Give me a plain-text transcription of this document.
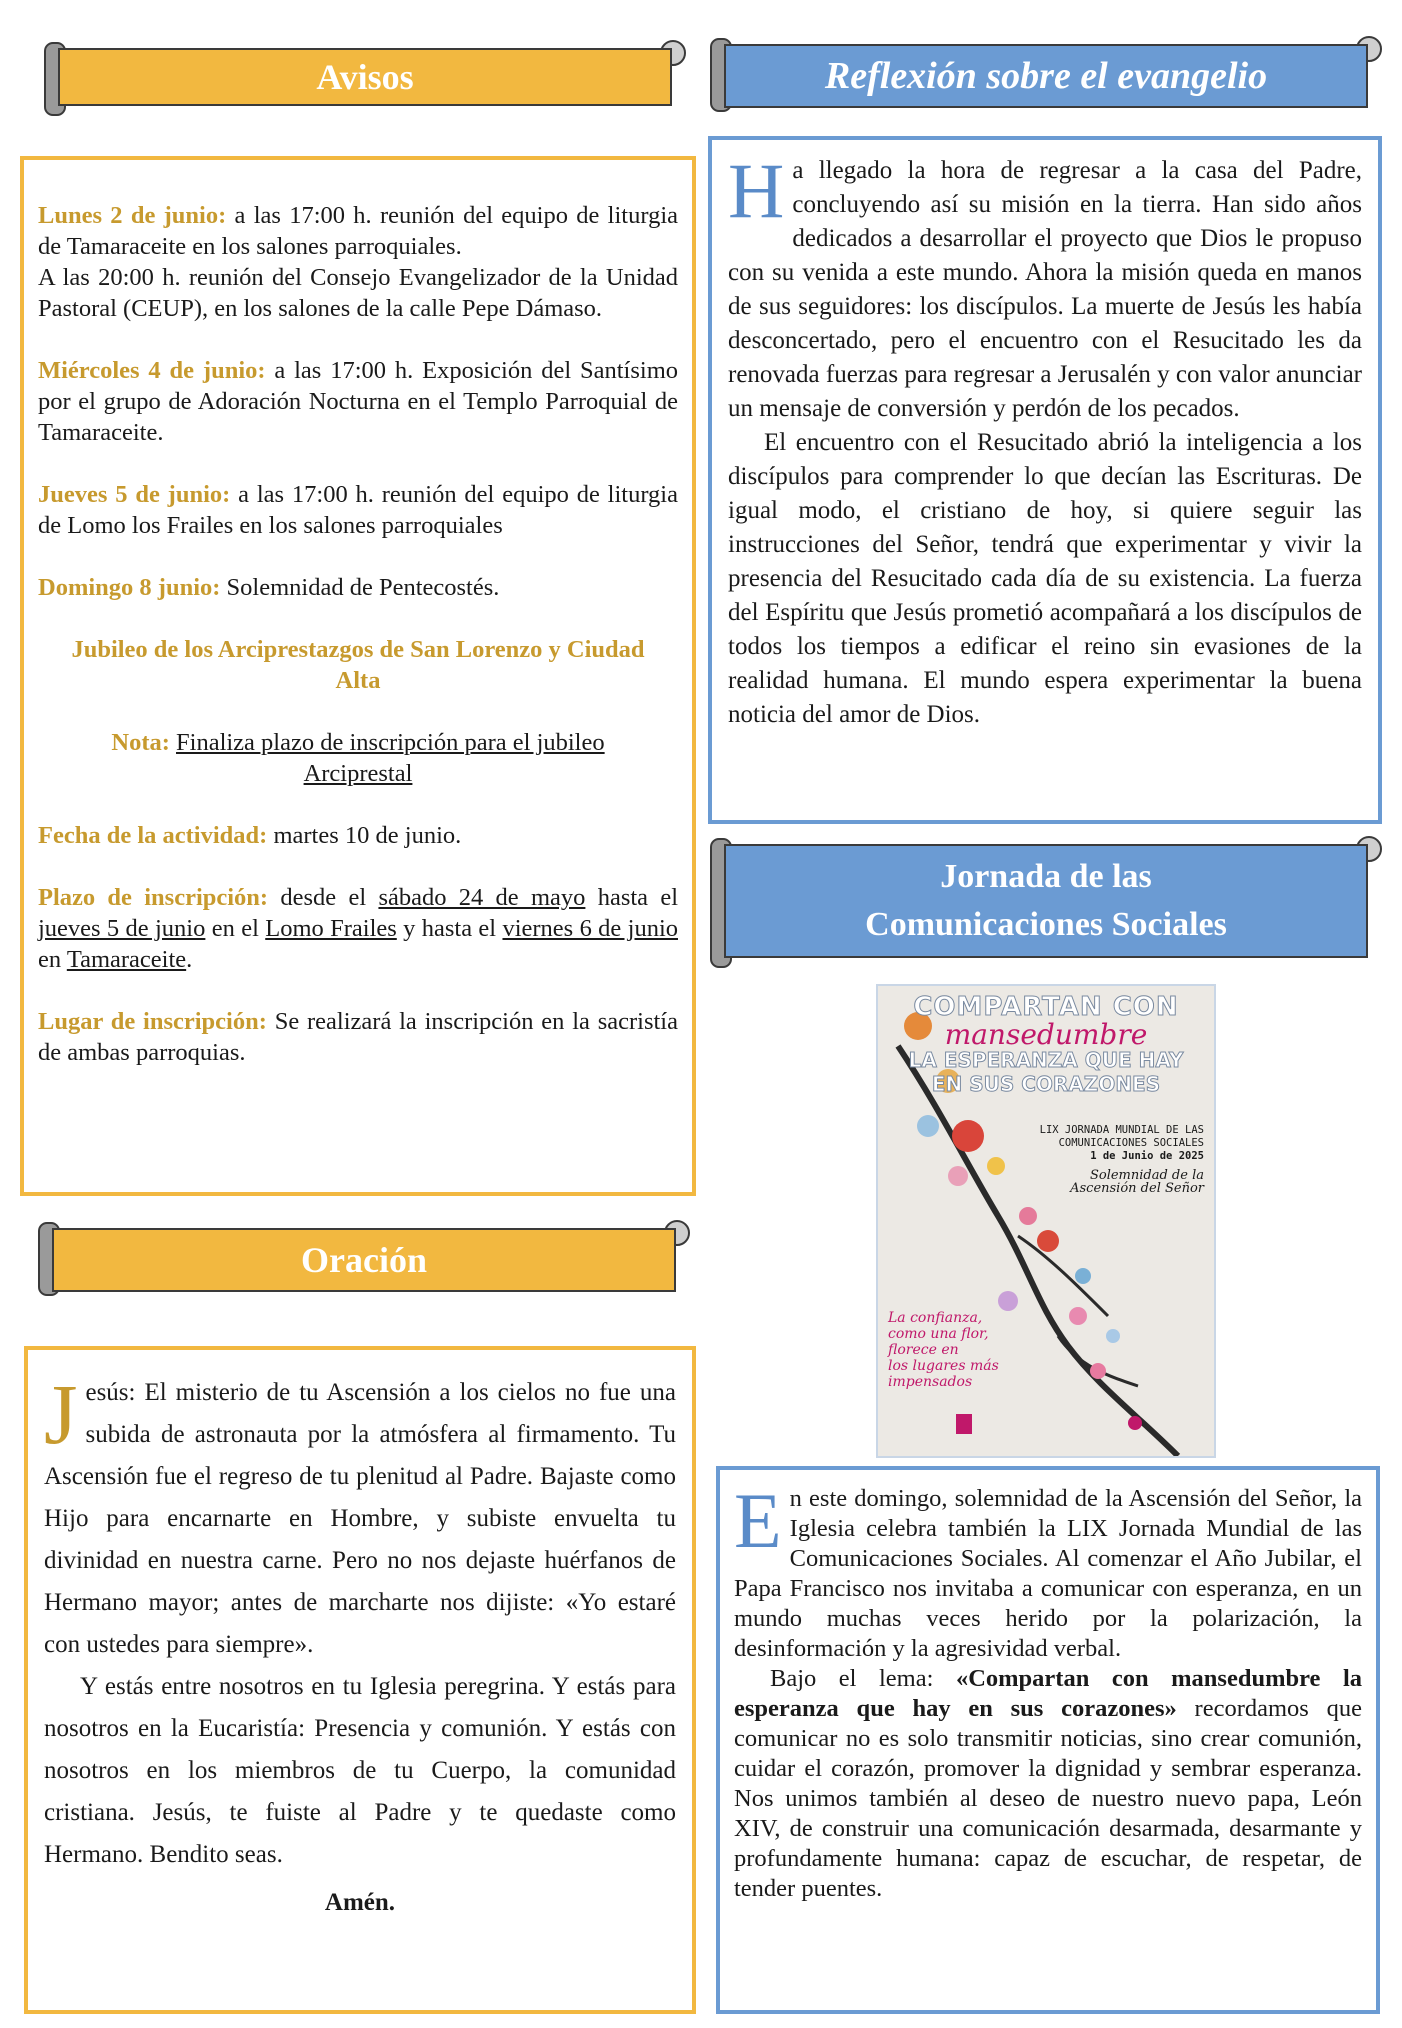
Avisos

Lunes 2 de junio: a las 17:00 h. reunión del equipo de liturgia de Tamaraceite en los salones parroquiales.

A las 20:00 h. reunión del Consejo Evangelizador de la Unidad Pastoral (CEUP), en los salones de la calle Pepe Dámaso.

Miércoles 4 de junio: a las 17:00 h. Exposición del Santísimo por el grupo de Adoración Nocturna en el Templo Parroquial de Tamaraceite.

Jueves 5 de junio: a las 17:00 h. reunión del equipo de liturgia de Lomo los Frailes en los salones parroquiales

Domingo 8 junio: Solemnidad de Pentecostés.

Jubileo de los Arciprestazgos de San Lorenzo y Ciudad Alta

Nota: Finaliza plazo de inscripción para el jubileo Arciprestal

Fecha de la actividad: martes 10 de junio.

Plazo de inscripción: desde el sábado 24 de mayo hasta el jueves 5 de junio en el Lomo Frailes y hasta el viernes 6 de junio en Tamaraceite.

Lugar de inscripción: Se realizará la inscripción en la sacristía de ambas parroquias.

Oración
J esús: El misterio de tu Ascensión a los cielos no fue una subida de astronauta por la atmósfera al firmamento. Tu Ascensión fue el regreso de tu plenitud al Padre. Bajaste como Hijo para encarnarte en Hombre, y subiste envuelta tu divinidad en nuestra carne. Pero no nos dejaste huérfanos de Hermano mayor; antes de marcharte nos dijiste: «Yo estaré con ustedes para siempre».

Y estás entre nosotros en tu Iglesia peregrina. Y estás para nosotros en la Eucaristía: Presencia y comunión. Y estás con nosotros en los miembros de tu Cuerpo, la comunidad cristiana. Jesús, te fuiste al Padre y te quedaste como Hermano. Bendito seas.

Amén.

Reflexión sobre el evangelio
H a llegado la hora de regresar a la casa del Padre, concluyendo así su misión en la tierra. Han sido años dedicados a desarrollar el proyecto que Dios le propuso con su venida a este mundo. Ahora la misión queda en manos de sus seguidores: los discípulos. La muerte de Jesús les había desconcertado, pero el encuentro con el Resucitado les da renovada fuerzas para regresar a Jerusalén y con valor anunciar un mensaje de conversión y perdón de los pecados.

El encuentro con el Resucitado abrió la inteligencia a los discípulos para comprender lo que decían las Escrituras. De igual modo, el cristiano de hoy, si quiere seguir las instrucciones del Señor, tendrá que experimentar y vivir la presencia del Resucitado cada día de su existencia. La fuerza del Espíritu que Jesús prometió acompañará a los discípulos de todos los tiempos a edificar el reino sin evasiones de la realidad humana. El mundo espera experimentar la buena noticia del amor de Dios.

Jornada de las
Comunicaciones Sociales
COMPARTAN CON
mansedumbre
LA ESPERANZA QUE HAY
EN SUS CORAZONES
LIX JORNADA MUNDIAL DE LAS
COMUNICACIONES SOCIALES
1 de Junio de 2025
Solemnidad de la
Ascensión del Señor
La confianza,
como una flor,
florece en
los lugares más
impensados
E n este domingo, solemnidad de la Ascensión del Señor, la Iglesia celebra también la LIX Jornada Mundial de las Comunicaciones Sociales. Al comenzar el Año Jubilar, el Papa Francisco nos invitaba a comunicar con esperanza, en un mundo muchas veces herido por la polarización, la desinformación y la agresividad verbal.

Bajo el lema: «Compartan con mansedumbre la esperanza que hay en sus corazones» recordamos que comunicar no es solo transmitir noticias, sino crear comunión, cuidar el corazón, promover la dignidad y sembrar esperanza. Nos unimos también al deseo de nuestro nuevo papa, León XIV, de construir una comunicación desarmada, desarmante y profundamente humana: capaz de escuchar, de respetar, de tender puentes.
